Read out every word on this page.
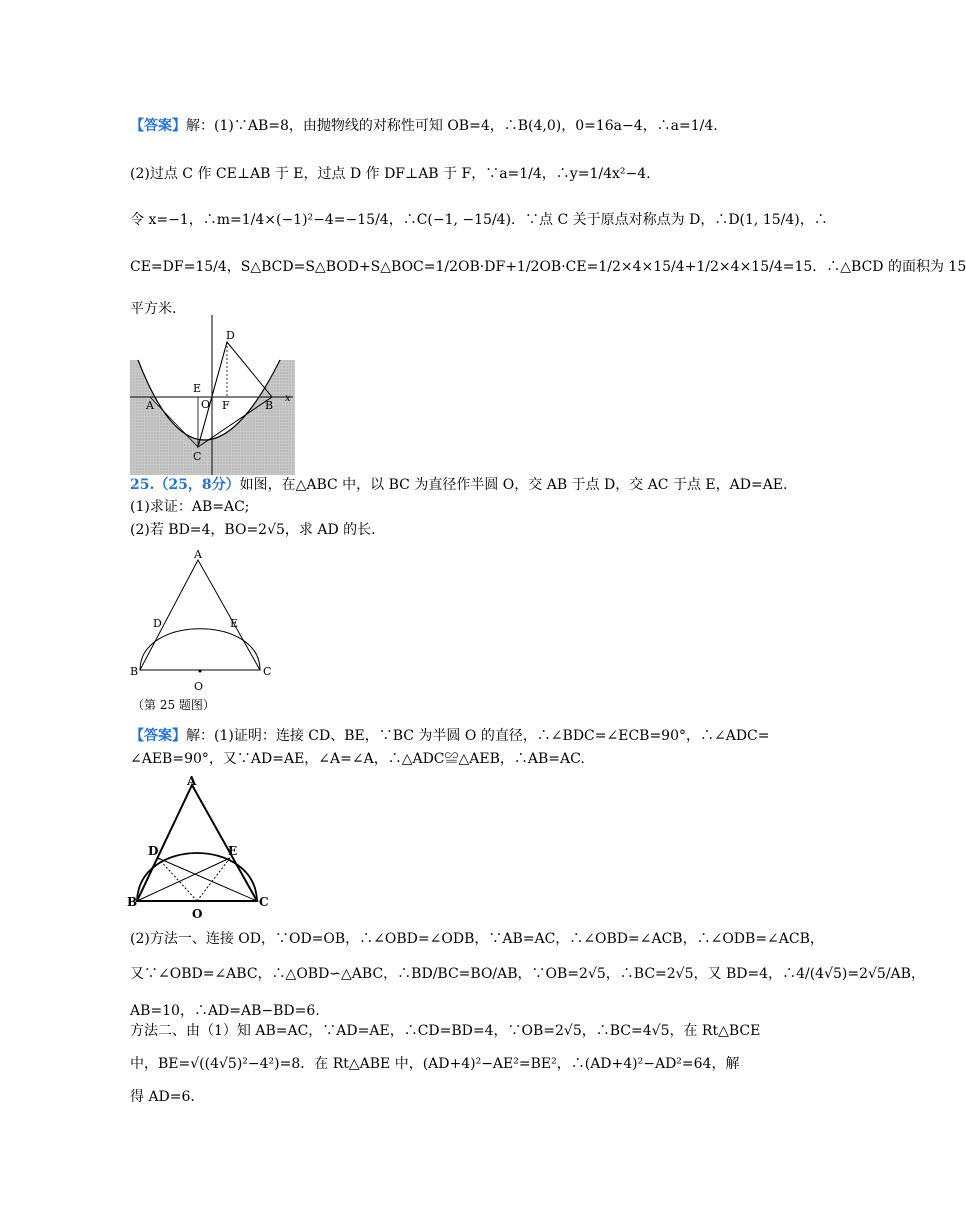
【答案】解：(1)∵AB=8，由抛物线的对称性可知 OB=4，∴B(4,0)，0=16a−4，∴a=1/4.
(2)过点 C 作 CE⊥AB 于 E，过点 D 作 DF⊥AB 于 F，∵a=1/4，∴y=1/4x²−4.
令 x=−1，∴m=1/4×(−1)²−4=−15/4，∴C(−1, −15/4)．∵点 C 关于原点对称点为 D，∴D(1, 15/4)，∴
CE=DF=15/4，S△BCD=S△BOD+S△BOC=1/2OB·DF+1/2OB·CE=1/2×4×15/4+1/2×4×15/4=15．∴△BCD 的面积为 15
平方米.
D
E
O F
A	B
C
x
25.（25，8分）如图，在△ABC 中，以 BC 为直径作半圆 O，交 AB 于点 D，交 AC 于点 E，AD=AE.
(1)求证：AB=AC;
(2)若 BD=4，BO=2√5，求 AD 的长.
A
D	E
B	C
O
（第 25 题图）
【答案】解：(1)证明：连接 CD、BE，∵BC 为半圆 O 的直径，∴∠BDC=∠ECB=90°，∴∠ADC=
∠AEB=90°，又∵AD=AE，∠A=∠A，∴△ADC≌△AEB，∴AB=AC.
A
D	E
B	C
O
(2)方法一、连接 OD，∵OD=OB，∴∠OBD=∠ODB，∵AB=AC，∴∠OBD=∠ACB，∴∠ODB=∠ACB，
又∵∠OBD=∠ABC，∴△OBD∽△ABC，∴BD/BC=BO/AB，∵OB=2√5，∴BC=2√5，又 BD=4，∴4/(4√5)=2√5/AB，
AB=10，∴AD=AB−BD=6.
方法二、由（1）知 AB=AC，∵AD=AE，∴CD=BD=4，∵OB=2√5，∴BC=4√5，在 Rt△BCE
中，BE=√((4√5)²−4²)=8．在 Rt△ABE 中，(AD+4)²−AE²=BE²，∴(AD+4)²−AD²=64，解
得 AD=6.
